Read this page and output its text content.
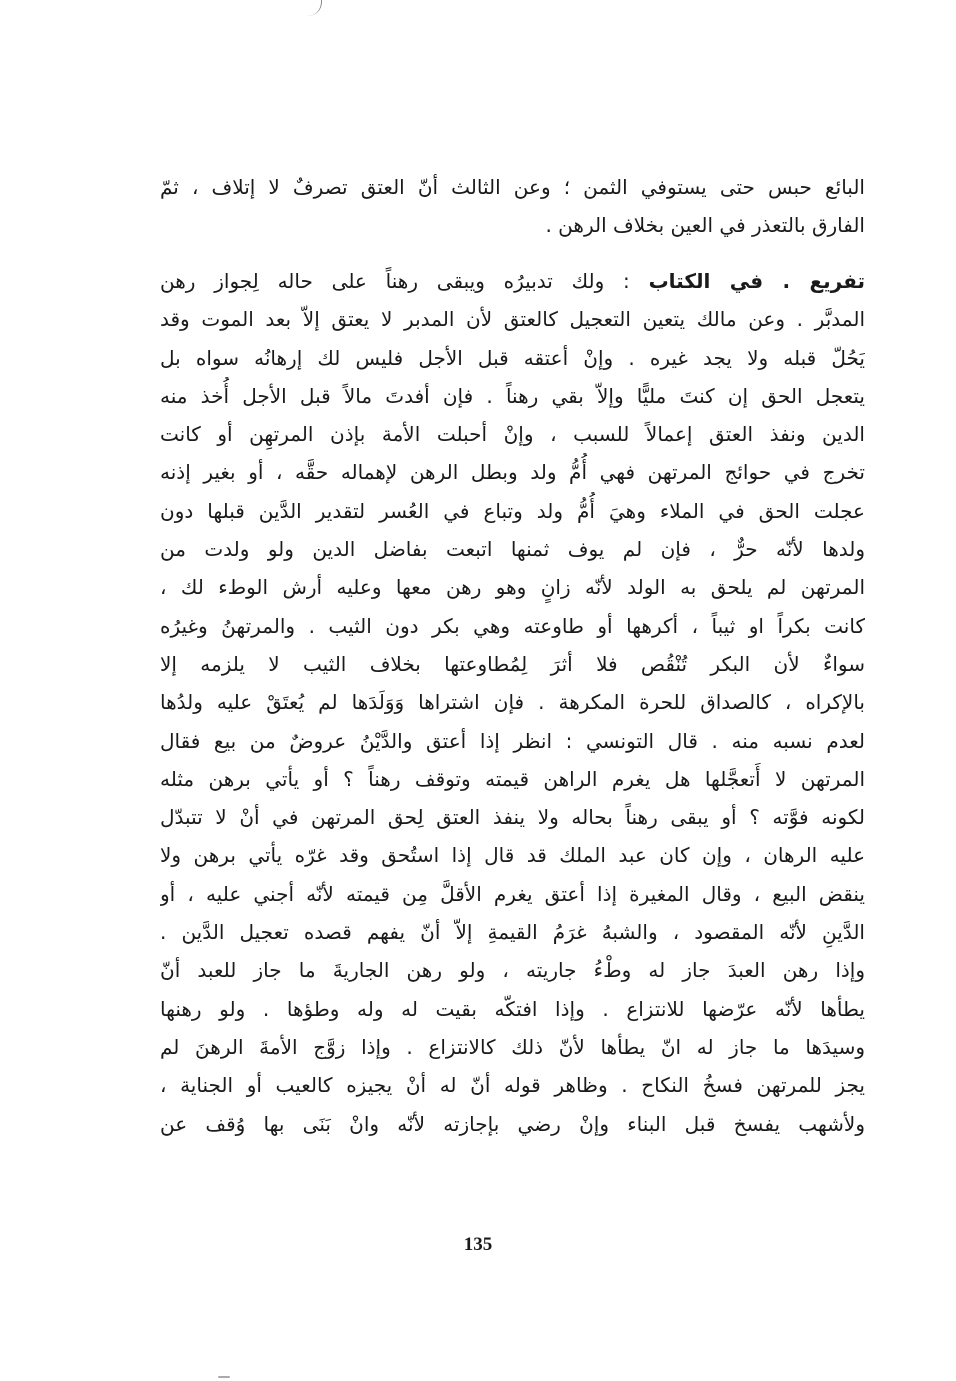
البائع حبس حتى يستوفي الثمن ؛ وعن الثالث أنّ العتق تصرفٌ لا إتلاف ، ثمّ
الفارق بالتعذر في العين بخلاف الرهن .
تفريع . في الكتاب : ولك تدبيرُه ويبقى رهناً على حاله لِجواز رهن
المدبَّر . وعن مالك يتعين التعجيل كالعتق لأن المدبر لا يعتق إلاّ بعد الموت وقد
يَحُلّ قبله ولا يجد غيره . وإنْ أعتقه قبل الأجل فليس لك إرهانُه سواه بل
يتعجل الحق إن كنتَ مليًّا وإلاّ بقي رهناً . فإن أفدتَ مالاً قبل الأجل أُخذ منه
الدين ونفذ العتق إعمالاً للسبب ، وإنْ أحبلت الأمة بإذن المرتهِن أو كانت
تخرج في حوائج المرتهن فهي أُمُّ ولد وبطل الرهن لإهماله حقَّه ، أو بغير إذنه
عجلت الحق في الملاء وهيَ أُمُّ ولد وتباع في العُسر لتقدير الدَّين قبلها دون
ولدها لأنّه حرٌّ ، فإن لم يوف ثمنها اتبعت بفاضل الدين ولو ولدت من
المرتهن لم يلحق به الولد لأنّه زانٍ وهو رهن معها وعليه أرش الوطء لك ،
كانت بكراً او ثيباً ، أكرهها أو طاوعته وهي بكر دون الثيب . والمرتهنُ وغيرُه
سواءٌ لأن البكر تُنْقُص فلا أثرَ لِمُطاوعتها بخلاف الثيب لا يلزمه إلا
بالإكراه ، كالصداق للحرة المكرهة . فإن اشتراها وَوَلَدَها لم يُعتَقْ عليه ولدُها
لعدم نسبه منه . قال التونسي : انظر إذا أعتق والدَّيْنُ عروضٌ من بيع فقال
المرتهن لا أَتعجَّلها هل يغرم الراهن قيمته وتوقف رهناً ؟ أو يأتي برهن مثله
لكونه فوَّته ؟ أو يبقى رهناً بحاله ولا ينفذ العتق لِحق المرتهن في أنْ لا تتبدّل
عليه الرهان ، وإن كان عبد الملك قد قال إذا استُحق وقد غرّه يأتي برهن ولا
ينقض البيع ، وقال المغيرة إذا أعتق يغرم الأقلَّ مِن قيمته لأنّه أجني عليه ، أو
الدَّينِ لأنّه المقصود ، والشبهُ غرَمُ القيمةِ إلاّ أنّ يفهم قصده تعجيل الدَّين .
وإذا رهن العبدَ جاز له وطْءُ جاريته ، ولو رهن الجاريةَ ما جاز للعبد أنّ
يطأها لأنّه عرّضها للانتزاع . وإذا افتكّه بقيت له وله وطؤها . ولو رهنها
وسيدَها ما جاز له انّ يطأها لأنّ ذلك كالانتزاع . وإذا زوَّج الأمةَ الرهنَ لم
يجز للمرتهن فسخُ النكاح . وظاهر قوله أنّ له أنْ يجيزه كالعيب أو الجناية ،
ولأشهب يفسخ قبل البناء وإنْ رضي بإجازته لأنّه وانْ بَنَى بها وُقف عن
135
